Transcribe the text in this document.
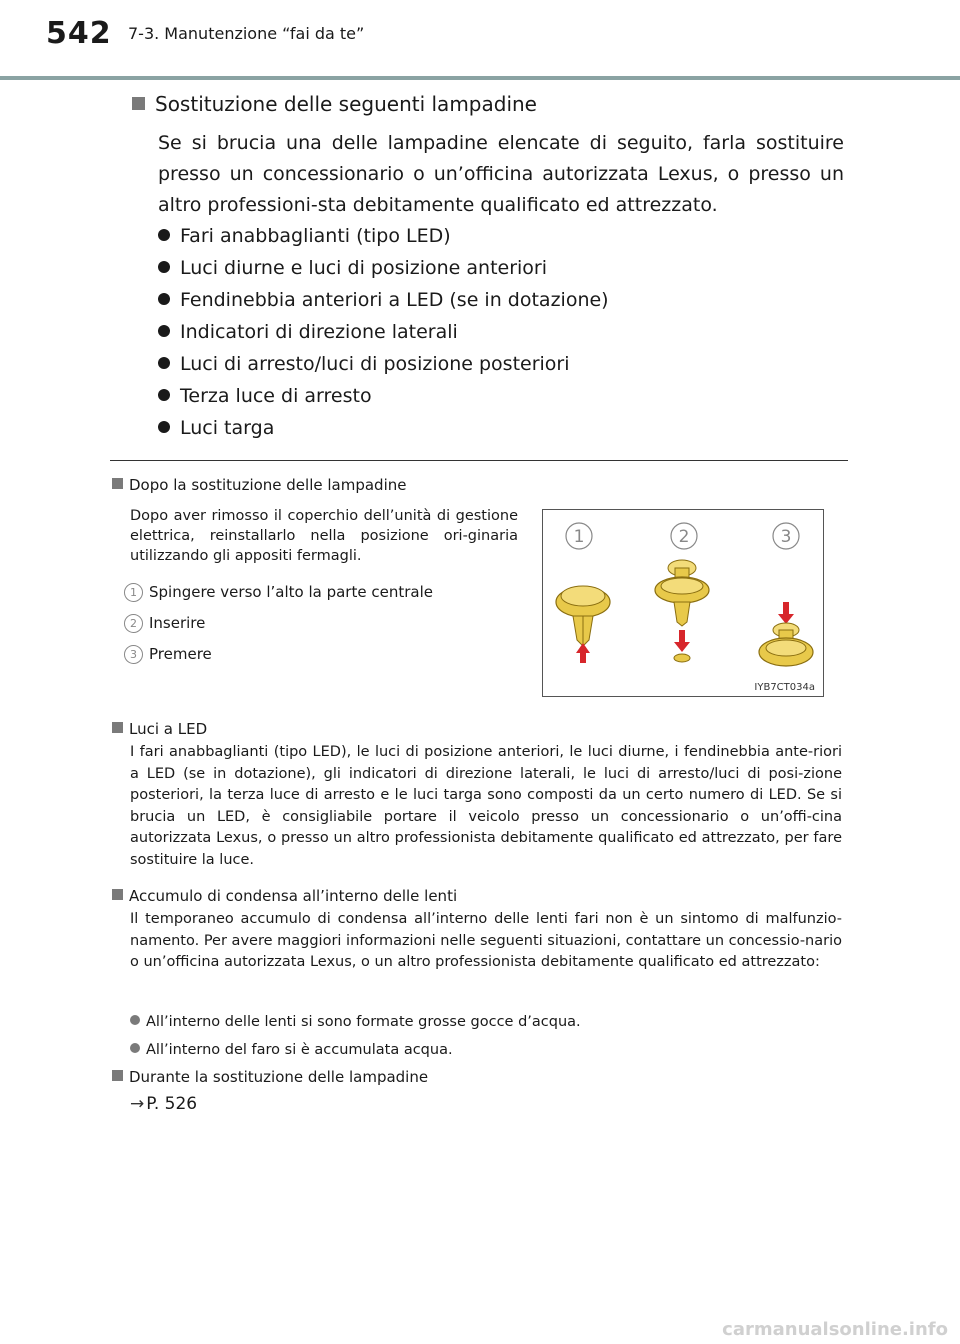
542 7-3. Manutenzione “fai da te”
Sostituzione delle seguenti lampadine
Se si brucia una delle lampadine elencate di seguito, farla sostituire presso un concessionario o un’officina autorizzata Lexus, o presso un altro professioni-sta debitamente qualificato ed attrezzato.
Fari anabbaglianti (tipo LED)
Luci diurne e luci di posizione anteriori
Fendinebbia anteriori a LED (se in dotazione)
Indicatori di direzione laterali
Luci di arresto/luci di posizione posteriori
Terza luce di arresto
Luci targa
Dopo la sostituzione delle lampadine
Dopo aver rimosso il coperchio dell’unità di gestione elettrica, reinstallarlo nella posizione ori-ginaria utilizzando gli appositi fermagli.
1 Spingere verso l’alto la parte centrale
2 Inserire
3 Premere
1	2	3
IYB7CT034a
Luci a LED
I fari anabbaglianti (tipo LED), le luci di posizione anteriori, le luci diurne, i fendinebbia ante-riori a LED (se in dotazione), gli indicatori di direzione laterali, le luci di arresto/luci di posi-zione posteriori, la terza luce di arresto e le luci targa sono composti da un certo numero di LED. Se si brucia un LED, è consigliabile portare il veicolo presso un concessionario o un’offi-cina autorizzata Lexus, o presso un altro professionista debitamente qualificato ed attrezzato, per fare sostituire la luce.
Accumulo di condensa all’interno delle lenti
Il temporaneo accumulo di condensa all’interno delle lenti fari non è un sintomo di malfunzio-namento. Per avere maggiori informazioni nelle seguenti situazioni, contattare un concessio-nario o un’officina autorizzata Lexus, o un altro professionista debitamente qualificato ed attrezzato:
All’interno delle lenti si sono formate grosse gocce d’acqua.
All’interno del faro si è accumulata acqua.
Durante la sostituzione delle lampadine
→ P. 526
carmanualsonline.info
